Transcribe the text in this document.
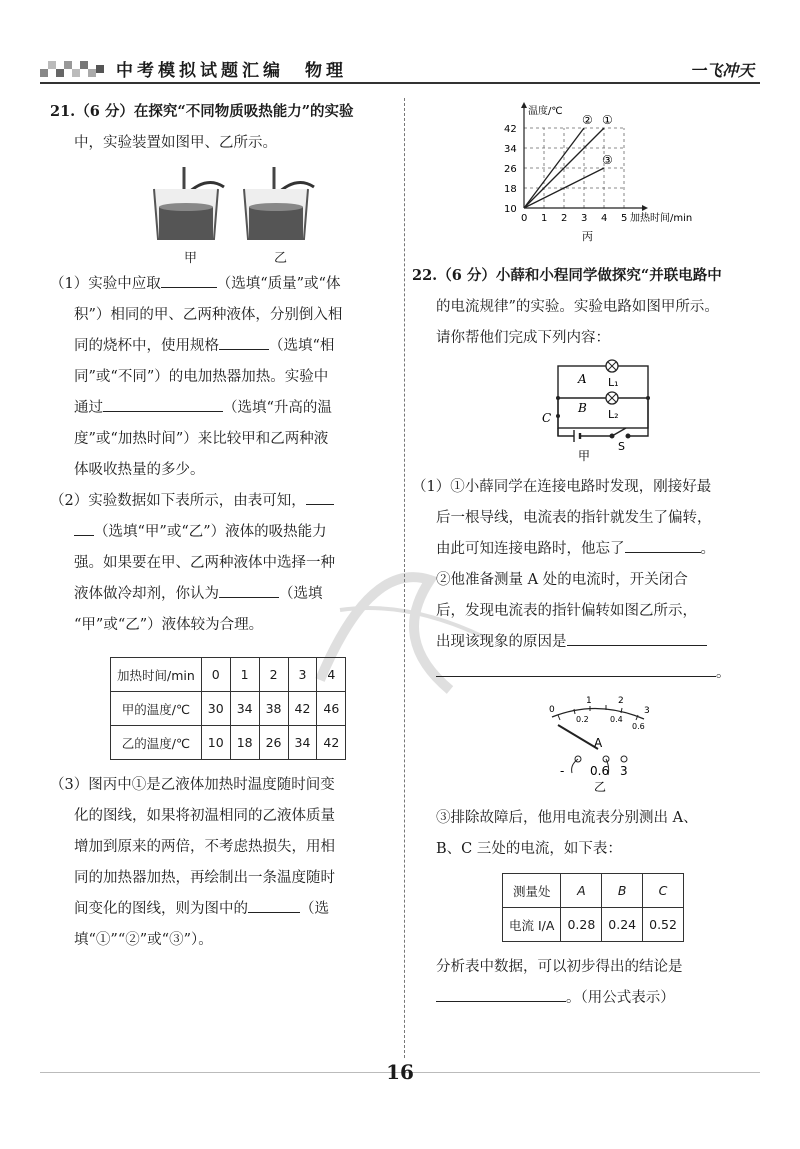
中考模拟试题汇编　物理	一飞冲天
21.（6 分）在探究“不同物质吸热能力”的实验
中，实验装置如图甲、乙所示。
甲	乙
（1）实验中应取	（选填“质量”或“体
积”）相同的甲、乙两种液体，分别倒入相
同的烧杯中，使用规格	（选填“相
同”或“不同”）的电加热器加热。实验中
通过	（选填“升高的温
度”或“加热时间”）来比较甲和乙两种液
体吸收热量的多少。
（2）实验数据如下表所示，由表可知，
（选填“甲”或“乙”）液体的吸热能力
强。如果要在甲、乙两种液体中选择一种
液体做冷却剂，你认为	（选填
“甲”或“乙”）液体较为合理。
加热时间/min	0	1	2	3	4
甲的温度/℃	30	34	38	42	46
乙的温度/℃	10	18	26	34	42
（3）图丙中①是乙液体加热时温度随时间变
化的图线，如果将初温相同的乙液体质量
增加到原来的两倍，不考虑热损失，用相
同的加热器加热，再绘制出一条温度随时
间变化的图线，则为图中的	（选
填“①”“②”或“③”）。
0 1 2 3 4 5
10
18
26
34
42
温度/℃
加热时间/min
丙
①
②
③
22.（6 分）小薛和小程同学做探究“并联电路中
的电流规律”的实验。实验电路如图甲所示。
请你帮他们完成下列内容：
A
B
C
L₁
L₂
S
甲
（1）①小薛同学在连接电路时发现，刚接好最
后一根导线，电流表的指针就发生了偏转，
由此可知连接电路时，他忘了	。
②他准备测量 A 处的电流时，开关闭合
后，发现电流表的指针偏转如图乙所示，
出现该现象的原因是
。
0
1	2
3
0.2	0.4
0.6
A
- 0.6 3
乙
③排除故障后，他用电流表分别测出 A、
B、C 三处的电流，如下表：
测量处	A	B	C
电流 I/A	0.28	0.24	0.52
分析表中数据，可以初步得出的结论是
。（用公式表示）
16
